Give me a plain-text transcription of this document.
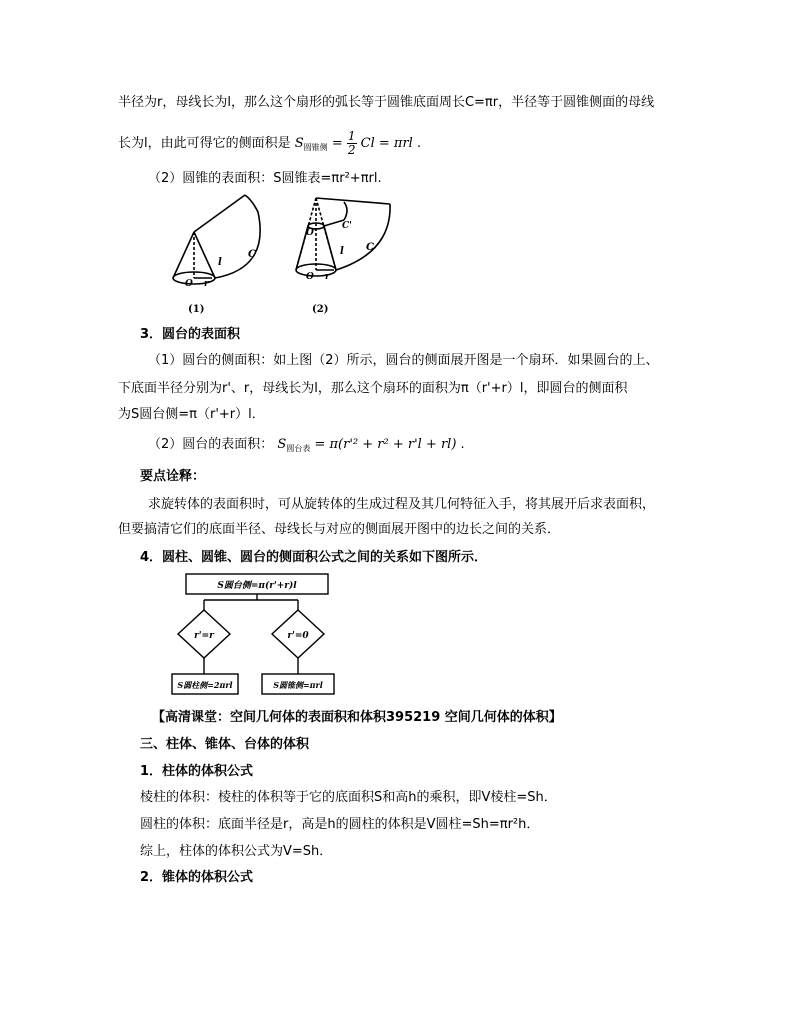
半径为r，母线长为l，那么这个扇形的弧长等于圆锥底面周长C=πr，半径等于圆锥侧面的母线
长为l，由此可得它的侧面积是 $S_{圆锥侧} = \frac{1}{2}$ Cl = πrl .
（2）圆锥的表面积：S圆锥表=πr²+πrl.
l
C
O r
(1)
O'
C'
l C
O r
(2)
3．圆台的表面积
（1）圆台的侧面积：如上图（2）所示，圆台的侧面展开图是一个扇环．如果圆台的上、
下底面半径分别为r'、r，母线长为l，那么这个扇环的面积为π（r'+r）l，即圆台的侧面积
为S圆台侧=π（r'+r）l．
（2）圆台的表面积： $S_{圆台表} = \pi(r'^2 + r^2 + r'l + rl)$ .
要点诠释：
求旋转体的表面积时，可从旋转体的生成过程及其几何特征入手，将其展开后求表面积，
但要搞清它们的底面半径、母线长与对应的侧面展开图中的边长之间的关系．
4．圆柱、圆锥、圆台的侧面积公式之间的关系如下图所示．
S圆台侧=π(r'+r)l
r'=r	r'=0
S圆柱侧=2πrl	S圆锥侧=πrl
【高清课堂：空间几何体的表面积和体积395219 空间几何体的体积】
三、柱体、锥体、台体的体积
1．柱体的体积公式
棱柱的体积：棱柱的体积等于它的底面积S和高h的乘积，即V棱柱=Sh．
圆柱的体积：底面半径是r，高是h的圆柱的体积是V圆柱=Sh=πr²h．
综上，柱体的体积公式为V=Sh．
2．锥体的体积公式
